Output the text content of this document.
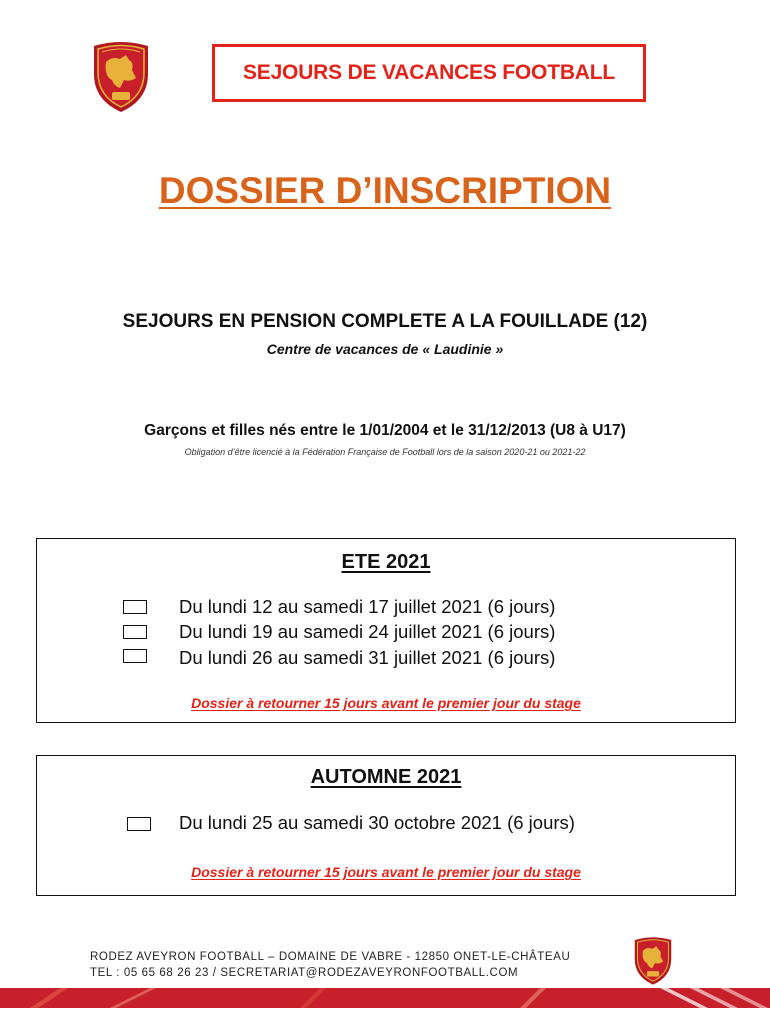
SEJOURS DE VACANCES FOOTBALL
DOSSIER D’INSCRIPTION
SEJOURS EN PENSION COMPLETE A LA FOUILLADE (12)
Centre de vacances de « Laudinie »
Garçons et filles nés entre le 1/01/2004 et le 31/12/2013 (U8 à U17)
Obligation d’être licencié à la Fédération Française de Football lors de la saison 2020-21 ou 2021-22
ETE 2021
Du lundi 12 au samedi 17 juillet 2021 (6 jours)
Du lundi 19 au samedi 24 juillet 2021 (6 jours)
Du lundi 26 au samedi 31 juillet 2021 (6 jours)
Dossier à retourner 15 jours avant le premier jour du stage
AUTOMNE 2021
Du lundi 25 au samedi 30 octobre 2021 (6 jours)
Dossier à retourner 15 jours avant le premier jour du stage
RODEZ AVEYRON FOOTBALL – DOMAINE DE VABRE - 12850 ONET-LE-CHÂTEAU
TEL : 05 65 68 26 23 / SECRETARIAT@RODEZAVEYRONFOOTBALL.COM
